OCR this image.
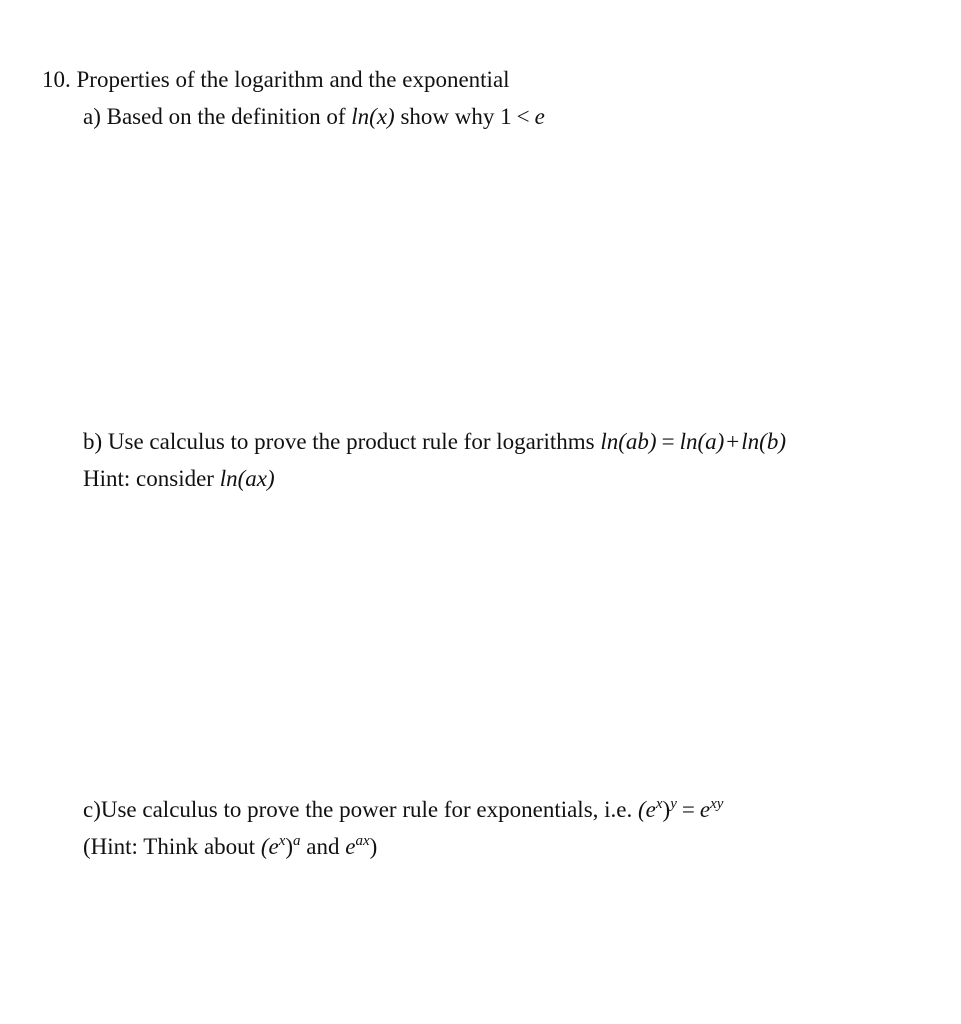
10. Properties of the logarithm and the exponential
a) Based on the definition of ln(x) show why 1 < e
b) Use calculus to prove the product rule for logarithms ln(ab) = ln(a)+ln(b)
Hint: consider ln(ax)
c)Use calculus to prove the power rule for exponentials, i.e. $(e^x)^y = e^{xy}$
(Hint: Think about $(e^x)^a$ and $e^{ax}$)
